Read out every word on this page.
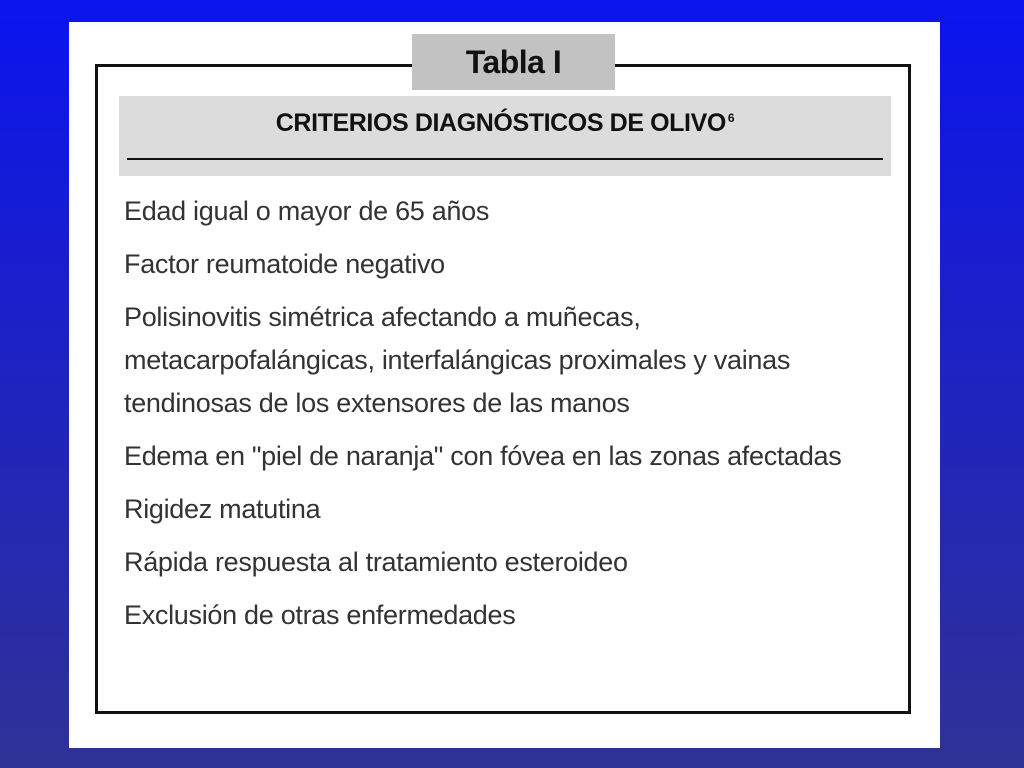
Tabla I
CRITERIOS DIAGNÓSTICOS DE OLIVO $^6$
Edad igual o mayor de 65 años
Factor reumatoide negativo
Polisinovitis simétrica afectando a muñecas, metacarpofalángicas, interfalángicas proximales y vainas tendinosas de los extensores de las manos
Edema en "piel de naranja" con fóvea en las zonas afectadas
Rigidez matutina
Rápida respuesta al tratamiento esteroideo
Exclusión de otras enfermedades
